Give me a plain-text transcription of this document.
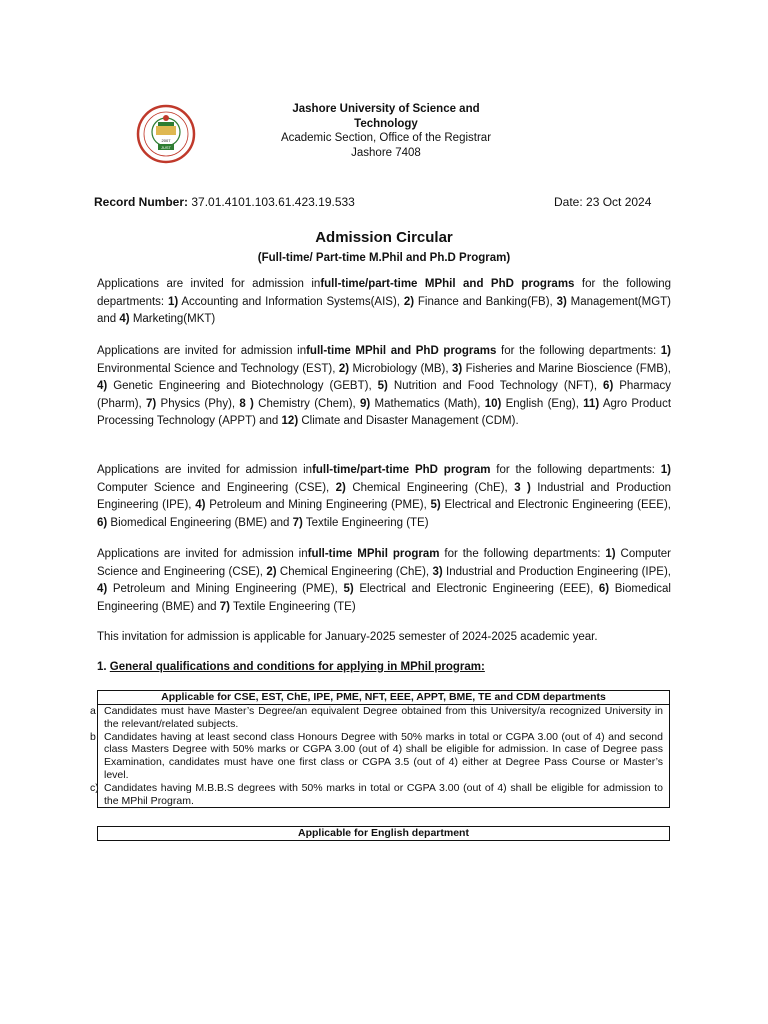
2007
JUST
Jashore University of Science and
Technology
Academic Section, Office of the Registrar
Jashore 7408
Record Number: 37.01.4101.103.61.423.19.533	Date: 23 Oct 2024
Admission Circular
(Full-time/ Part-time M.Phil and Ph.D Program)

Applications are invited for admission infull-time/part-time MPhil and PhD programs for the following departments: 1) Accounting and Information Systems(AIS), 2) Finance and Banking(FB), 3) Management(MGT) and 4) Marketing(MKT)

Applications are invited for admission infull-time MPhil and PhD programs for the following departments: 1) Environmental Science and Technology (EST), 2) Microbiology (MB), 3) Fisheries and Marine Bioscience (FMB), 4) Genetic Engineering and Biotechnology (GEBT), 5) Nutrition and Food Technology (NFT), 6) Pharmacy (Pharm), 7) Physics (Phy), 8 ) Chemistry (Chem), 9) Mathematics (Math), 10) English (Eng), 11) Agro Product Processing Technology (APPT) and 12) Climate and Disaster Management (CDM).

Applications are invited for admission infull-time/part-time PhD program for the following departments: 1) Computer Science and Engineering (CSE), 2) Chemical Engineering (ChE), 3 ) Industrial and Production Engineering (IPE), 4) Petroleum and Mining Engineering (PME), 5) Electrical and Electronic Engineering (EEE), 6) Biomedical Engineering (BME) and 7) Textile Engineering (TE)

Applications are invited for admission infull-time MPhil program for the following departments: 1) Computer Science and Engineering (CSE), 2) Chemical Engineering (ChE), 3) Industrial and Production Engineering (IPE), 4) Petroleum and Mining Engineering (PME), 5) Electrical and Electronic Engineering (EEE), 6) Biomedical Engineering (BME) and 7) Textile Engineering (TE)

This invitation for admission is applicable for January-2025 semester of 2024-2025 academic year.

1. General qualifications and conditions for applying in MPhil program:
Applicable for CSE, EST, ChE, IPE, PME, NFT, EEE, APPT, BME, TE and CDM departments
a Candidates must have Master’s Degree/an equivalent Degree obtained from this University/a recognized University in the relevant/related subjects.
b Candidates having at least second class Honours Degree with 50% marks in total or CGPA 3.00 (out of 4) and second class Masters Degree with 50% marks or CGPA 3.00 (out of 4) shall be eligible for admission. In case of Degree pass Examination, candidates must have one first class or CGPA 3.5 (out of 4) either at Degree Pass Course or Master’s level.
c) Candidates having M.B.B.S degrees with 50% marks in total or CGPA 3.00 (out of 4) shall be eligible for admission to the MPhil Program.
Applicable for English department
